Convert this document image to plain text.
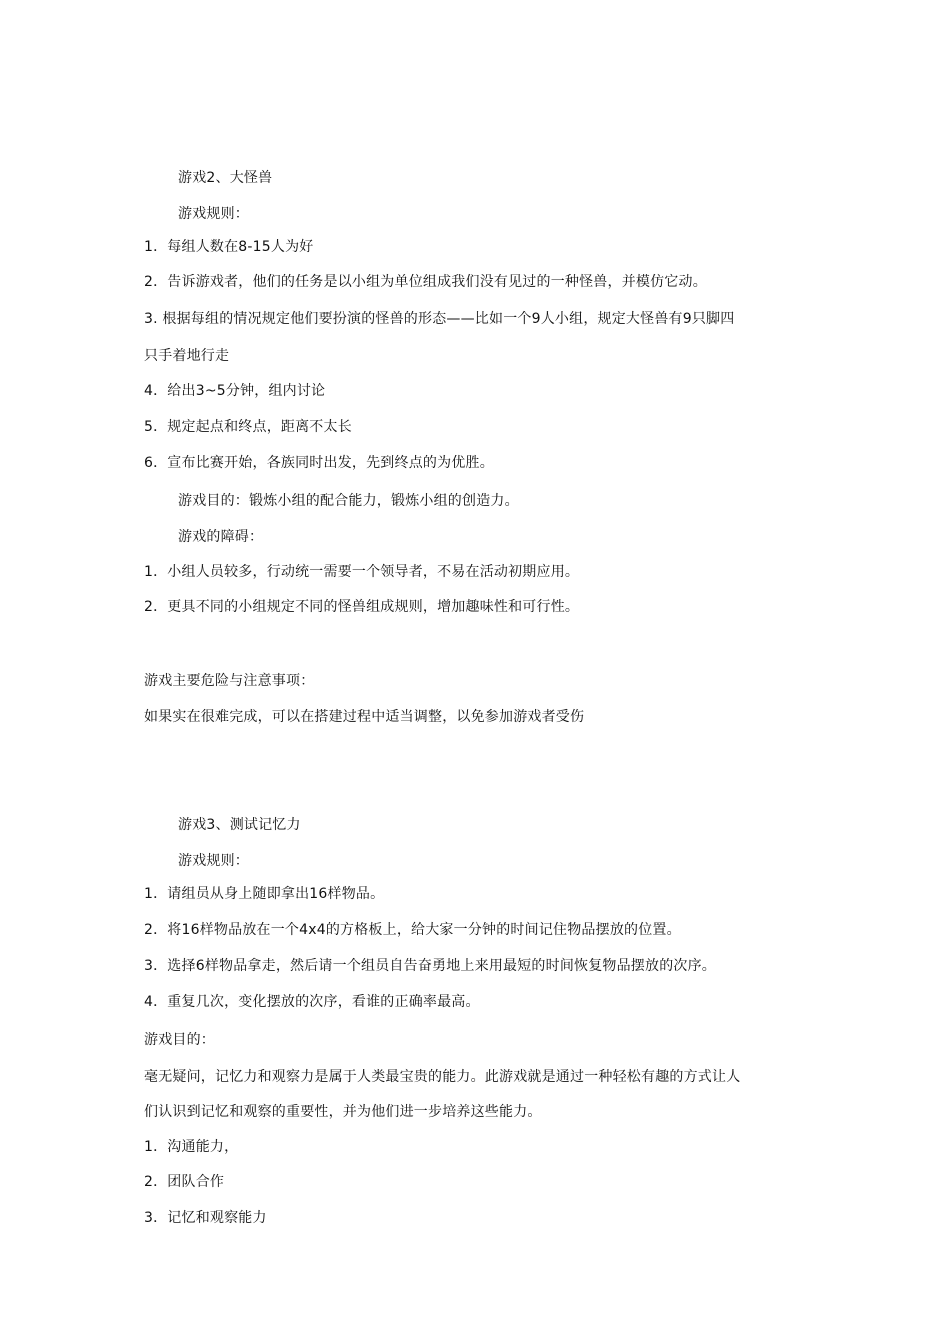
游戏2、大怪兽
游戏规则：
1．每组人数在8-15人为好
2．告诉游戏者，他们的任务是以小组为单位组成我们没有见过的一种怪兽，并模仿它动。
3. 根据每组的情况规定他们要扮演的怪兽的形态——比如一个9人小组，规定大怪兽有9只脚四
只手着地行走
4．给出3~5分钟，组内讨论
5．规定起点和终点，距离不太长
6．宣布比赛开始，各族同时出发，先到终点的为优胜。
游戏目的：锻炼小组的配合能力，锻炼小组的创造力。
游戏的障碍：
1．小组人员较多，行动统一需要一个领导者，不易在活动初期应用。
2．更具不同的小组规定不同的怪兽组成规则，增加趣味性和可行性。
游戏主要危险与注意事项：
如果实在很难完成，可以在搭建过程中适当调整，以免参加游戏者受伤
游戏3、测试记忆力
游戏规则：
1．请组员从身上随即拿出16样物品。
2．将16样物品放在一个4x4的方格板上，给大家一分钟的时间记住物品摆放的位置。
3．选择6样物品拿走，然后请一个组员自告奋勇地上来用最短的时间恢复物品摆放的次序。
4．重复几次，变化摆放的次序，看谁的正确率最高。
游戏目的：
毫无疑问，记忆力和观察力是属于人类最宝贵的能力。此游戏就是通过一种轻松有趣的方式让人
们认识到记忆和观察的重要性，并为他们进一步培养这些能力。
1．沟通能力，
2．团队合作
3．记忆和观察能力
